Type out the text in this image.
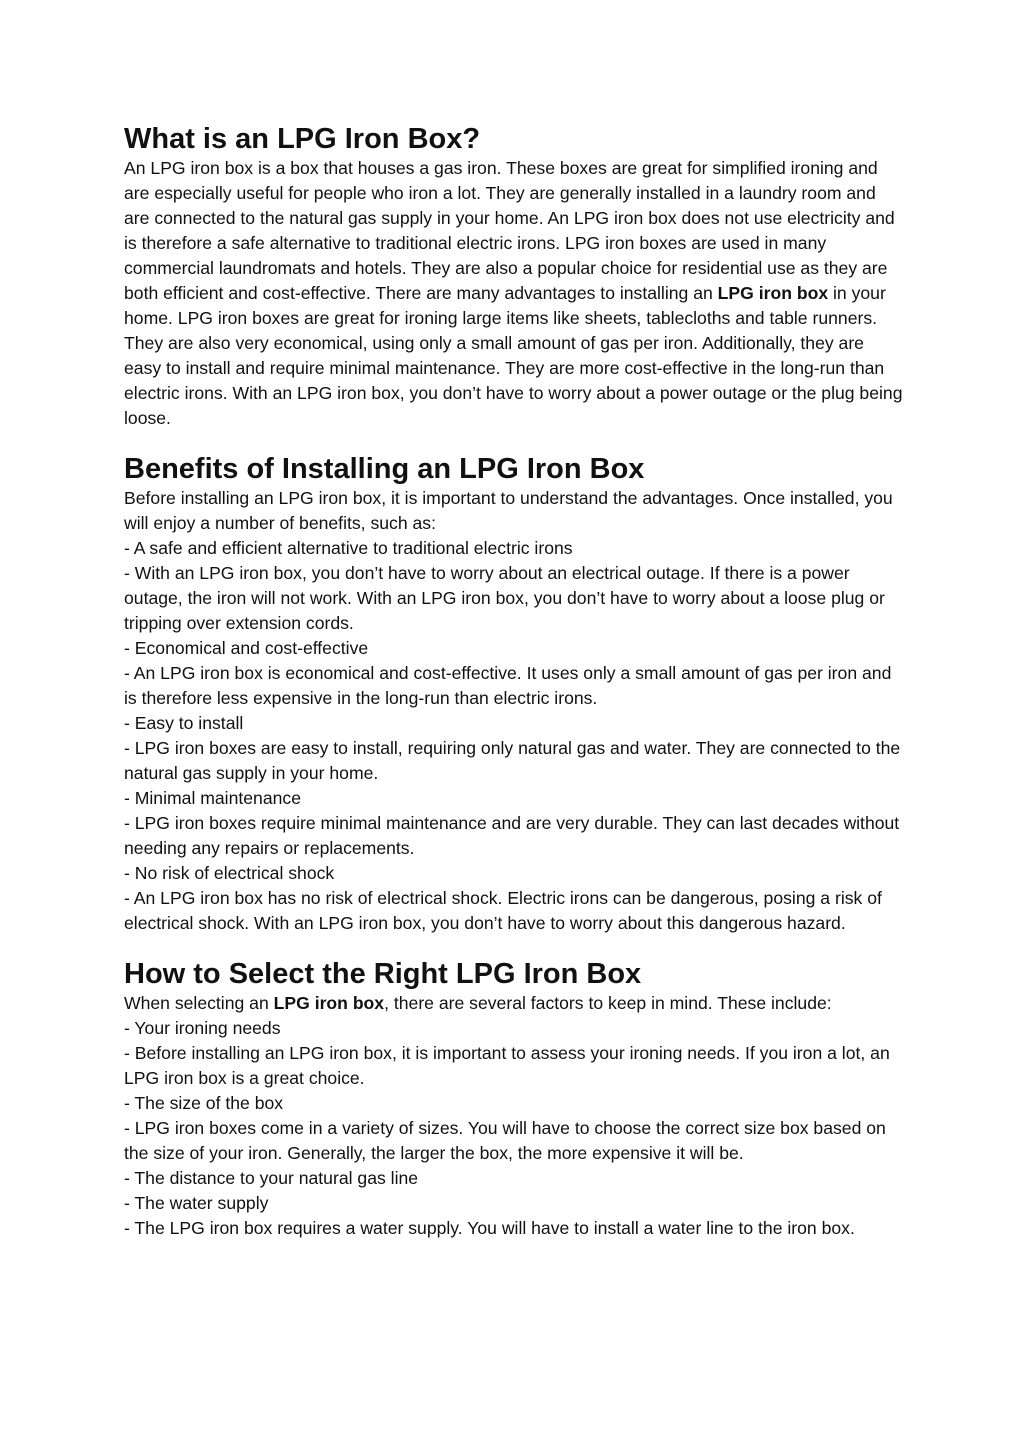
What is an LPG Iron Box?

An LPG iron box is a box that houses a gas iron. These boxes are great for simplified ironing and are especially useful for people who iron a lot. They are generally installed in a laundry room and are connected to the natural gas supply in your home. An LPG iron box does not use electricity and is therefore a safe alternative to traditional electric irons. LPG iron boxes are used in many commercial laundromats and hotels. They are also a popular choice for residential use as they are both efficient and cost-effective. There are many advantages to installing an LPG iron box in your home. LPG iron boxes are great for ironing large items like sheets, tablecloths and table runners. They are also very economical, using only a small amount of gas per iron. Additionally, they are easy to install and require minimal maintenance. They are more cost-effective in the long-run than electric irons. With an LPG iron box, you don’t have to worry about a power outage or the plug being loose.

Benefits of Installing an LPG Iron Box

Before installing an LPG iron box, it is important to understand the advantages. Once installed, you will enjoy a number of benefits, such as:

- A safe and efficient alternative to traditional electric irons

- With an LPG iron box, you don’t have to worry about an electrical outage. If there is a power outage, the iron will not work. With an LPG iron box, you don’t have to worry about a loose plug or tripping over extension cords.

- Economical and cost-effective

- An LPG iron box is economical and cost-effective. It uses only a small amount of gas per iron and is therefore less expensive in the long-run than electric irons.

- Easy to install

- LPG iron boxes are easy to install, requiring only natural gas and water. They are connected to the natural gas supply in your home.

- Minimal maintenance

- LPG iron boxes require minimal maintenance and are very durable. They can last decades without needing any repairs or replacements.

- No risk of electrical shock

- An LPG iron box has no risk of electrical shock. Electric irons can be dangerous, posing a risk of electrical shock. With an LPG iron box, you don’t have to worry about this dangerous hazard.

How to Select the Right LPG Iron Box

When selecting an LPG iron box, there are several factors to keep in mind. These include:

- Your ironing needs

- Before installing an LPG iron box, it is important to assess your ironing needs. If you iron a lot, an LPG iron box is a great choice.

- The size of the box

- LPG iron boxes come in a variety of sizes. You will have to choose the correct size box based on the size of your iron. Generally, the larger the box, the more expensive it will be.

- The distance to your natural gas line

- The water supply

- The LPG iron box requires a water supply. You will have to install a water line to the iron box.
